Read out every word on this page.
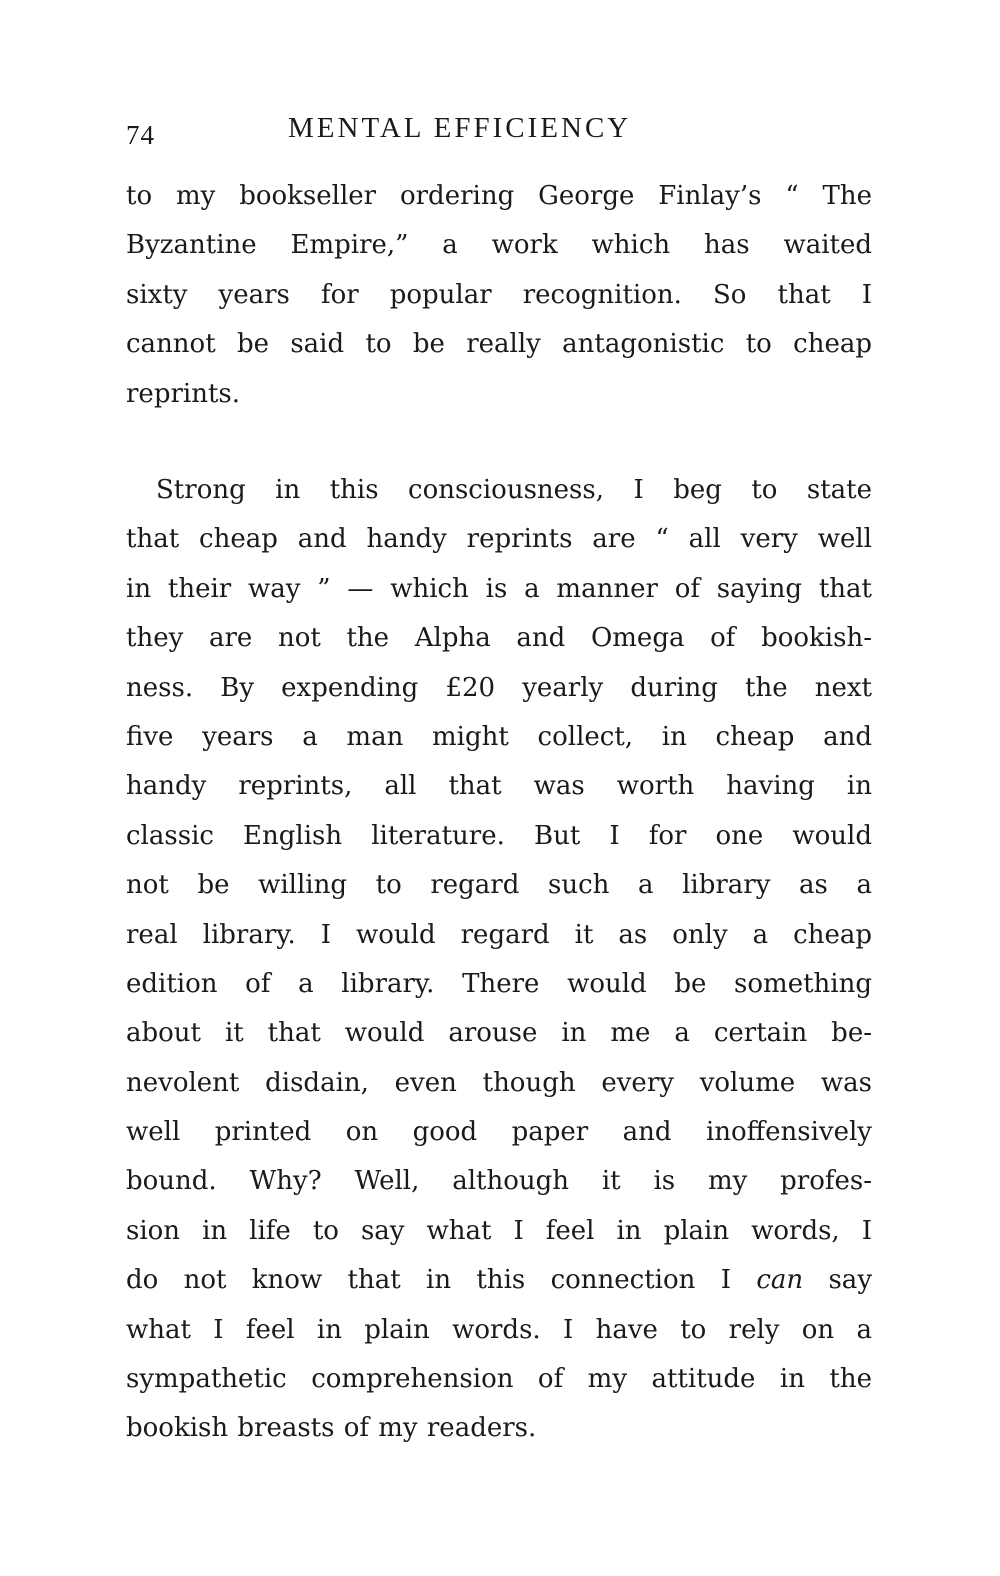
74	MENTAL EFFICIENCY
to my bookseller ordering George Finlay’s “ The
Byzantine Empire,” a work which has waited
sixty years for popular recognition. So that I
cannot be said to be really antagonistic to cheap
reprints.
Strong in this consciousness, I beg to state
that cheap and handy reprints are “ all very well
in their way ” — which is a manner of saying that
they are not the Alpha and Omega of bookish-
ness. By expending £20 yearly during the next
five years a man might collect, in cheap and
handy reprints, all that was worth having in
classic English literature. But I for one would
not be willing to regard such a library as a
real library. I would regard it as only a cheap
edition of a library. There would be something
about it that would arouse in me a certain be-
nevolent disdain, even though every volume was
well printed on good paper and inoffensively
bound. Why? Well, although it is my profes-
sion in life to say what I feel in plain words, I
do not know that in this connection I can say
what I feel in plain words. I have to rely on a
sympathetic comprehension of my attitude in the
bookish breasts of my readers.
